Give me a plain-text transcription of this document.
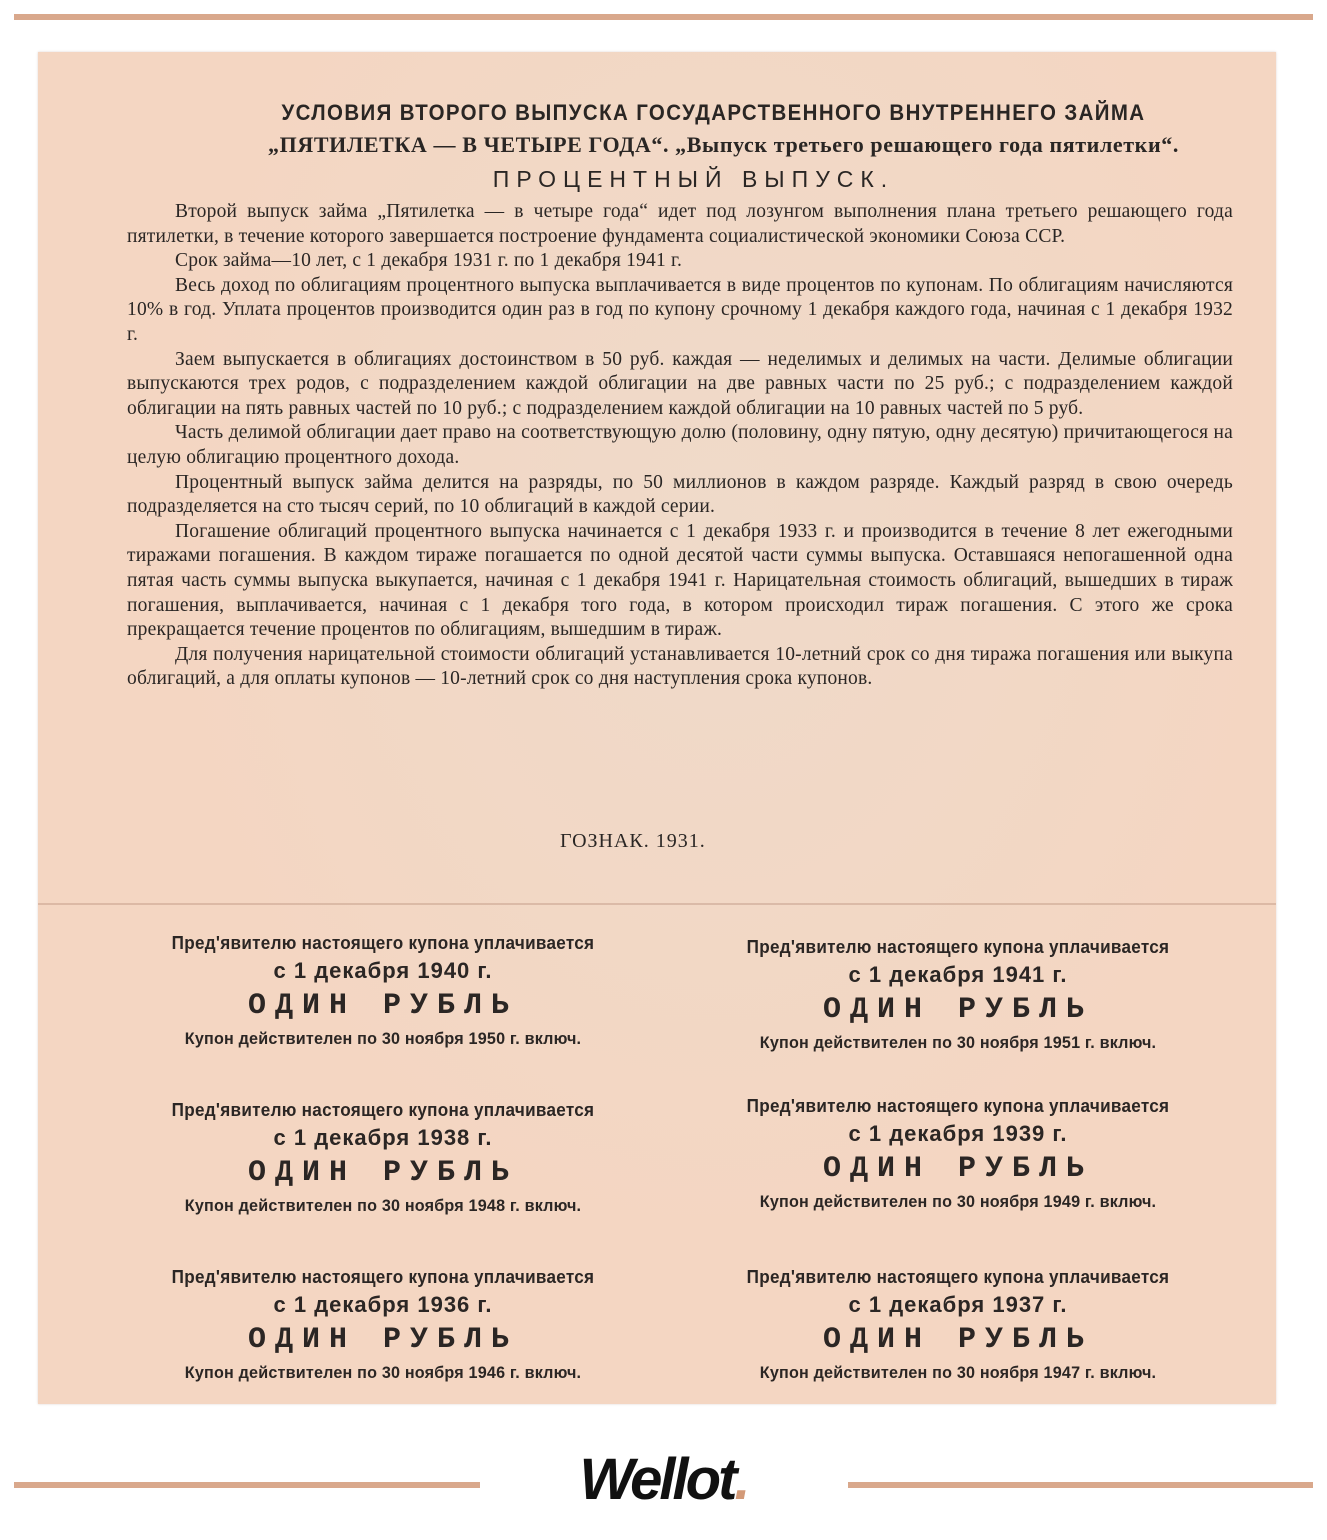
УСЛОВИЯ ВТОРОГО ВЫПУСКА ГОСУДАРСТВЕННОГО ВНУТРЕННЕГО ЗАЙМА
„ПЯТИЛЕТКА — В ЧЕТЫРЕ ГОДА“. „Выпуск третьего решающего года пятилетки“.
ПРОЦЕНТНЫЙ ВЫПУСК.

Второй выпуск займа „Пятилетка — в четыре года“ идет под лозунгом выполнения плана третьего решающего года пятилетки, в течение которого завершается построение фундамента социалистической экономики Союза ССР.

Срок займа—10 лет, с 1 декабря 1931 г. по 1 декабря 1941 г.

Весь доход по облигациям процентного выпуска выплачивается в виде процентов по купонам. По облигациям начисляются 10% в год. Уплата процентов производится один раз в год по купону срочному 1 декабря каждого года, начиная с 1 декабря 1932 г.

Заем выпускается в облигациях достоинством в 50 руб. каждая — неделимых и делимых на части. Делимые облигации выпускаются трех родов, с подразделением каждой облигации на две равных части по 25 руб.; с подразделением каждой облигации на пять равных частей по 10 руб.; с подразделением каждой облигации на 10 равных частей по 5 руб.

Часть делимой облигации дает право на соответствующую долю (половину, одну пятую, одну десятую) причитающегося на целую облигацию процентного дохода.

Процентный выпуск займа делится на разряды, по 50 миллионов в каждом разряде. Каждый разряд в свою очередь подразделяется на сто тысяч серий, по 10 облигаций в каждой серии.

Погашение облигаций процентного выпуска начинается с 1 декабря 1933 г. и производится в течение 8 лет ежегодными тиражами погашения. В каждом тираже погашается по одной десятой части суммы выпуска. Оставшаяся непогашенной одна пятая часть суммы выпуска выкупается, начиная с 1 декабря 1941 г. Нарицательная стоимость облигаций, вышедших в тираж погашения, выплачивается, начиная с 1 декабря того года, в котором происходил тираж погашения. С этого же срока прекращается течение процентов по облигациям, вышедшим в тираж.

Для получения нарицательной стоимости облигаций устанавливается 10-летний срок со дня тиража погашения или выкупа облигаций, а для оплаты купонов — 10-летний срок со дня наступления срока купонов.

ГОЗНАК. 1931.
Пред'явителю настоящего купона уплачивается
с 1 декабря 1940 г.
ОДИН РУБЛЬ
Купон действителен по 30 ноября 1950 г. включ.
Пред'явителю настоящего купона уплачивается
с 1 декабря 1941 г.
ОДИН РУБЛЬ
Купон действителен по 30 ноября 1951 г. включ.
Пред'явителю настоящего купона уплачивается
с 1 декабря 1938 г.
ОДИН РУБЛЬ
Купон действителен по 30 ноября 1948 г. включ.
Пред'явителю настоящего купона уплачивается
с 1 декабря 1939 г.
ОДИН РУБЛЬ
Купон действителен по 30 ноября 1949 г. включ.
Пред'явителю настоящего купона уплачивается
с 1 декабря 1936 г.
ОДИН РУБЛЬ
Купон действителен по 30 ноября 1946 г. включ.
Пред'явителю настоящего купона уплачивается
с 1 декабря 1937 г.
ОДИН РУБЛЬ
Купон действителен по 30 ноября 1947 г. включ.
Wellot.
